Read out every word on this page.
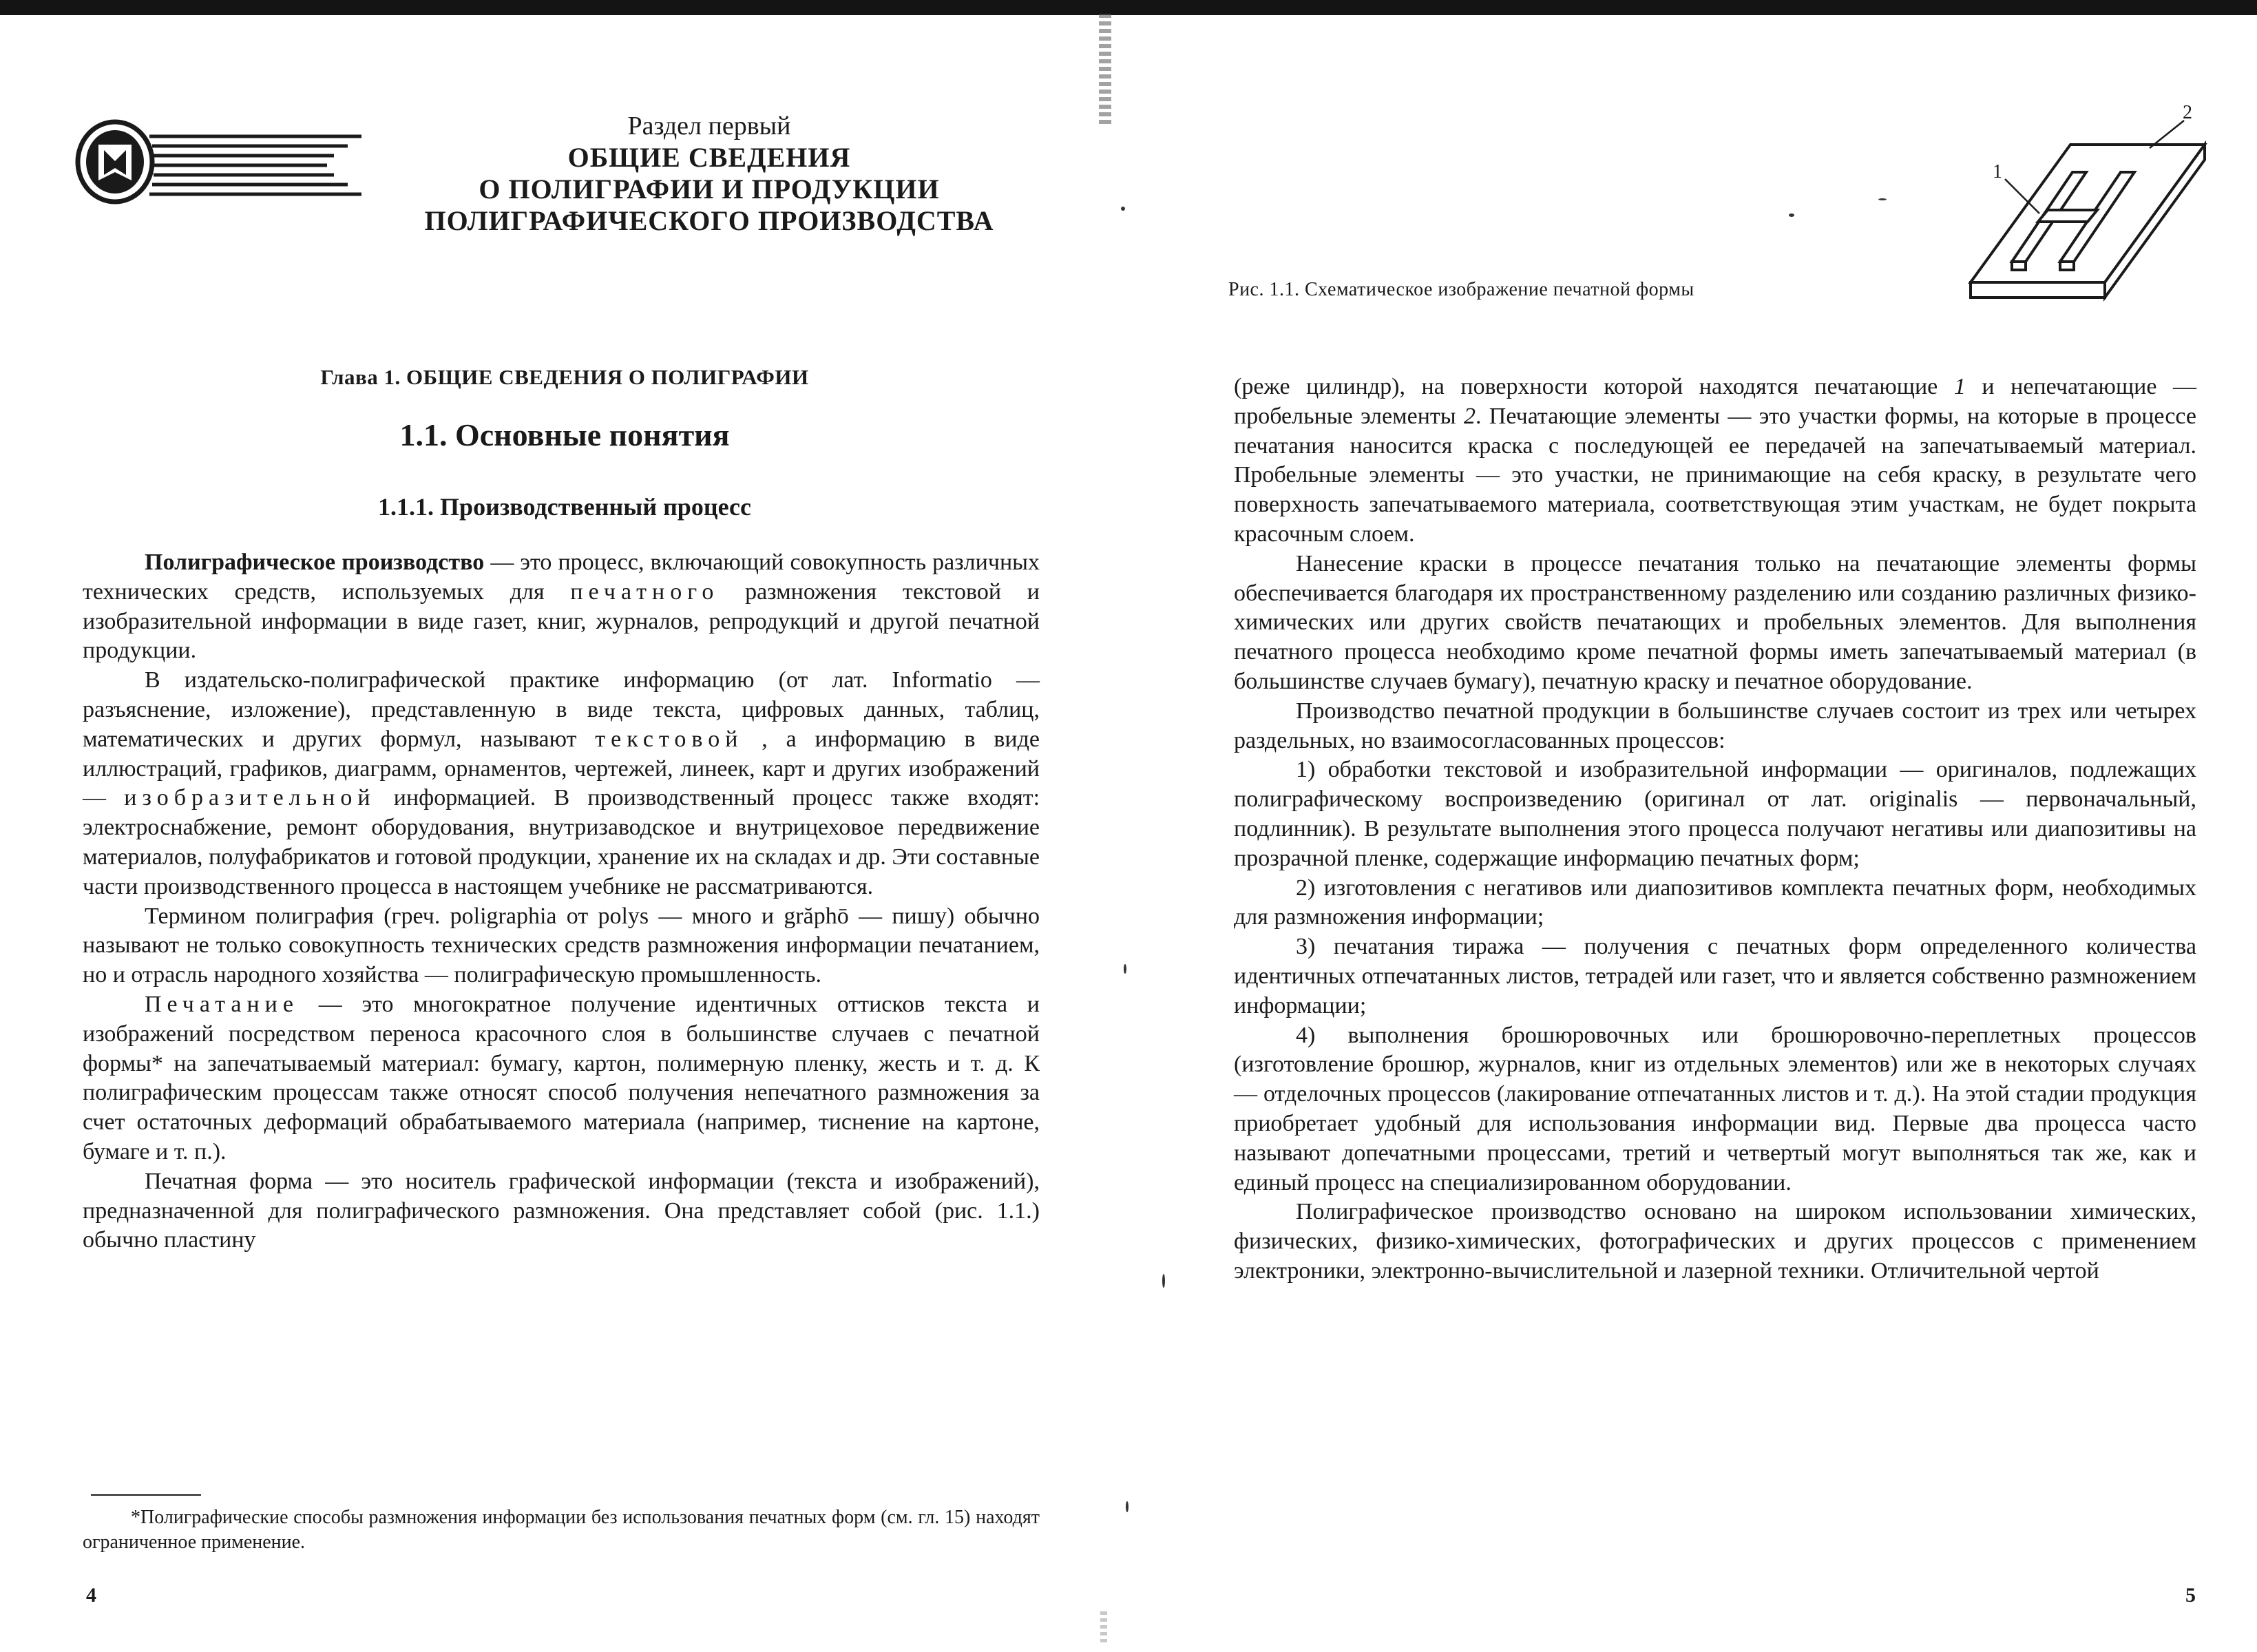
Раздел первый
ОБЩИЕ СВЕДЕНИЯ
О ПОЛИГРАФИИ И ПРОДУКЦИИ
ПОЛИГРАФИЧЕСКОГО ПРОИЗВОДСТВА
Глава 1. ОБЩИЕ СВЕДЕНИЯ О ПОЛИГРАФИИ
1.1. Основные понятия
1.1.1. Производственный процесс

Полиграфическое производство — это процесс, включающий совокупность различных технических средств, используемых для печатного размножения текстовой и изобразительной информации в виде газет, книг, журналов, репродукций и другой печатной продукции.

В издательско-полиграфической практике информацию (от лат. Informatio — разъяснение, изложение), представленную в виде текста, цифровых данных, таблиц, математических и других формул, называют текстовой , а информацию в виде иллюстраций, графиков, диаграмм, орнаментов, чертежей, линеек, карт и других изображений — изобразительной информацией. В производственный процесс также входят: электроснабжение, ремонт оборудования, внутризаводское и внутрицеховое передвижение материалов, полуфабрикатов и готовой продукции, хранение их на складах и др. Эти составные части производственного процесса в настоящем учебнике не рассматриваются.

Термином полиграфия (греч. poligraphia от polys — много и grăphō — пишу) обычно называют не только совокупность технических средств размножения информации печатанием, но и отрасль народного хозяйства — полиграфическую промышленность.

Печатание — это многократное получение идентичных оттисков текста и изображений посредством переноса красочного слоя в большинстве случаев с печатной формы* на запечатываемый материал: бумагу, картон, полимерную пленку, жесть и т. д. К полиграфическим процессам также относят способ получения непечатного размножения за счет остаточных деформаций обрабатываемого материала (например, тиснение на картоне, бумаге и т. п.).

Печатная форма — это носитель графической информации (текста и изображений), предназначенной для полиграфического размножения. Она представляет собой (рис. 1.1.) обычно пластину

*Полиграфические способы размножения информации без использования печатных форм (см. гл. 15) находят ограниченное применение.
4
1
2
Рис. 1.1. Схематическое изображение печатной формы

(реже цилиндр), на поверхности которой находятся печатающие 1 и непечатающие — пробельные элементы 2. Печатающие элементы — это участки формы, на которые в процессе печатания наносится краска с последующей ее передачей на запечатываемый материал. Пробельные элементы — это участки, не принимающие на себя краску, в результате чего поверхность запечатываемого материала, соответствующая этим участкам, не будет покрыта красочным слоем.

Нанесение краски в процессе печатания только на печатающие элементы формы обеспечивается благодаря их пространственному разделению или созданию различных физико-химических или других свойств печатающих и пробельных элементов. Для выполнения печатного процесса необходимо кроме печатной формы иметь запечатываемый материал (в большинстве случаев бумагу), печатную краску и печатное оборудование.

Производство печатной продукции в большинстве случаев состоит из трех или четырех раздельных, но взаимосогласованных процессов:

1) обработки текстовой и изобразительной информации — оригиналов, подлежащих полиграфическому воспроизведению (оригинал от лат. originalis — первоначальный, подлинник). В результате выполнения этого процесса получают негативы или диапозитивы на прозрачной пленке, содержащие информацию печатных форм;

2) изготовления с негативов или диапозитивов комплекта печатных форм, необходимых для размножения информации;

3) печатания тиража — получения с печатных форм определенного количества идентичных отпечатанных листов, тетрадей или газет, что и является собственно размножением информации;

4) выполнения брошюровочных или брошюровочно-переплетных процессов (изготовление брошюр, журналов, книг из отдельных элементов) или же в некоторых случаях — отделочных процессов (лакирование отпечатанных листов и т. д.). На этой стадии продукция приобретает удобный для использования информации вид. Первые два процесса часто называют допечатными процессами, третий и четвертый могут выполняться так же, как и единый процесс на специализированном оборудовании.

Полиграфическое производство основано на широком использовании химических, физических, физико-химических, фотографических и других процессов с применением электроники, электронно-вычислительной и лазерной техники. Отличительной чертой

5
